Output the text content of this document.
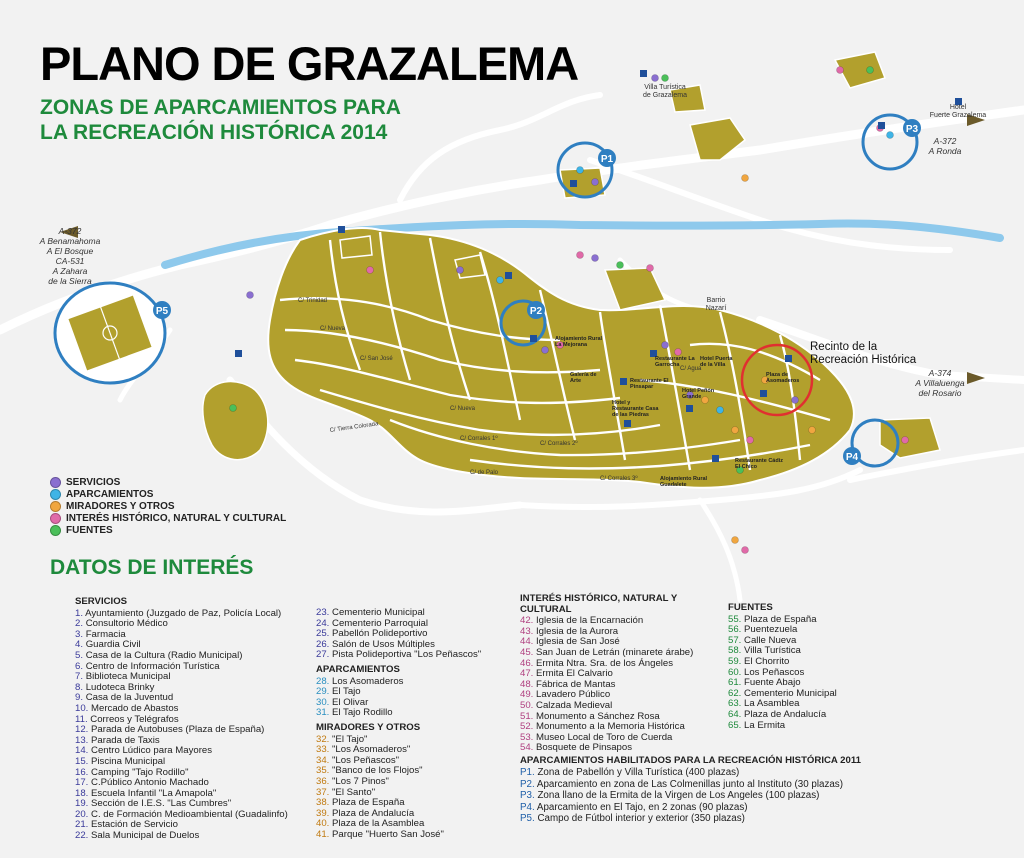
P1
P2
P3
P4
P5
C/ Trinidad
C/ Nueva
C/ San José
C/ Nueva
C/ Corrales 2º
C/ Corrales 1º
C/ de Palo
C/ Tierra Colorada
C/ Corrales 3º
C/ Agua
PLANO DE GRAZALEMA
ZONAS DE APARCAMIENTOS PARA
LA RECREACIÓN HISTÓRICA 2014
A-372
A Benamahoma
A El Bosque
CA-531
A Zahara
de la Sierra
A-372
A Ronda
A-374
A Villaluenga
del Rosario
Hotel
Fuerte Grazalema
Villa Turística
de Grazalema
Barrio
Nazarí
Recinto de la
Recreación Histórica
Alojamiento Rural La Mejorana
Galería de Arte	Restaurante El Pinsapar
Restaurante La Garrocha
Hotel Puerta de la Villa
Hotel y Restaurante Casa de las Piedras
Hotel Peñón Grande
Restaurante Cádiz El Chico
Alojamiento Rural Guadalete
Plaza de Asomaderos
SERVICIOS
APARCAMIENTOS
MIRADORES Y OTROS
INTERÉS HISTÓRICO, NATURAL Y CULTURAL
FUENTES
DATOS DE INTERÉS
SERVICIOS
1. Ayuntamiento (Juzgado de Paz, Policía Local)
2. Consultorio Médico
3. Farmacia
4. Guardia Civil
5. Casa de la Cultura (Radio Municipal)
6. Centro de Información Turística
7. Biblioteca Municipal
8. Ludoteca Brinky
9. Casa de la Juventud
10. Mercado de Abastos
11. Correos y Telégrafos
12. Parada de Autobuses (Plaza de España)
13. Parada de Taxis
14. Centro Lúdico para Mayores
15. Piscina Municipal
16. Camping "Tajo Rodillo"
17. C.Público Antonio Machado
18. Escuela Infantil "La Amapola"
19. Sección de I.E.S. "Las Cumbres"
20. C. de Formación Medioambiental (Guadalinfo)
21. Estación de Servicio
22. Sala Municipal de Duelos
23. Cementerio Municipal
24. Cementerio Parroquial
25. Pabellón Polideportivo
26. Salón de Usos Múltiples
27. Pista Polideportiva "Los Peñascos"
APARCAMIENTOS
28. Los Asomaderos
29. El Tajo
30. El Olivar
31. El Tajo Rodillo
MIRADORES Y OTROS
32. "El Tajo"
33. "Los Asomaderos"
34. "Los Peñascos"
35. "Banco de los Flojos"
36. "Los 7 Pinos"
37. "El Santo"
38. Plaza de España
39. Plaza de Andalucía
40. Plaza de la Asamblea
41. Parque "Huerto San José"
INTERÉS HISTÓRICO, NATURAL Y
CULTURAL
42. Iglesia de la Encarnación
43. Iglesia de la Aurora
44. Iglesia de San José
45. San Juan de Letrán (minarete árabe)
46. Ermita Ntra. Sra. de los Ángeles
47. Ermita El Calvario
48. Fábrica de Mantas
49. Lavadero Público
50. Calzada Medieval
51. Monumento a Sánchez Rosa
52. Monumento a la Memoria Histórica
53. Museo Local de Toro de Cuerda
54. Bosquete de Pinsapos
FUENTES
55. Plaza de España
56. Puentezuela
57. Calle Nueva
58. Villa Turística
59. El Chorrito
60. Los Peñascos
61. Fuente Abajo
62. Cementerio Municipal
63. La Asamblea
64. Plaza de Andalucía
65. La Ermita
APARCAMIENTOS HABILITADOS PARA LA RECREACIÓN HISTÓRICA 2011
P1. Zona de Pabellón y Villa Turística (400 plazas)
P2. Aparcamiento en zona de Las Colmenillas junto al Instituto (30 plazas)
P3. Zona llano de la Ermita de la Virgen de Los Angeles (100 plazas)
P4. Aparcamiento en El Tajo, en 2 zonas (90 plazas)
P5. Campo de Fútbol interior y exterior (350 plazas)
